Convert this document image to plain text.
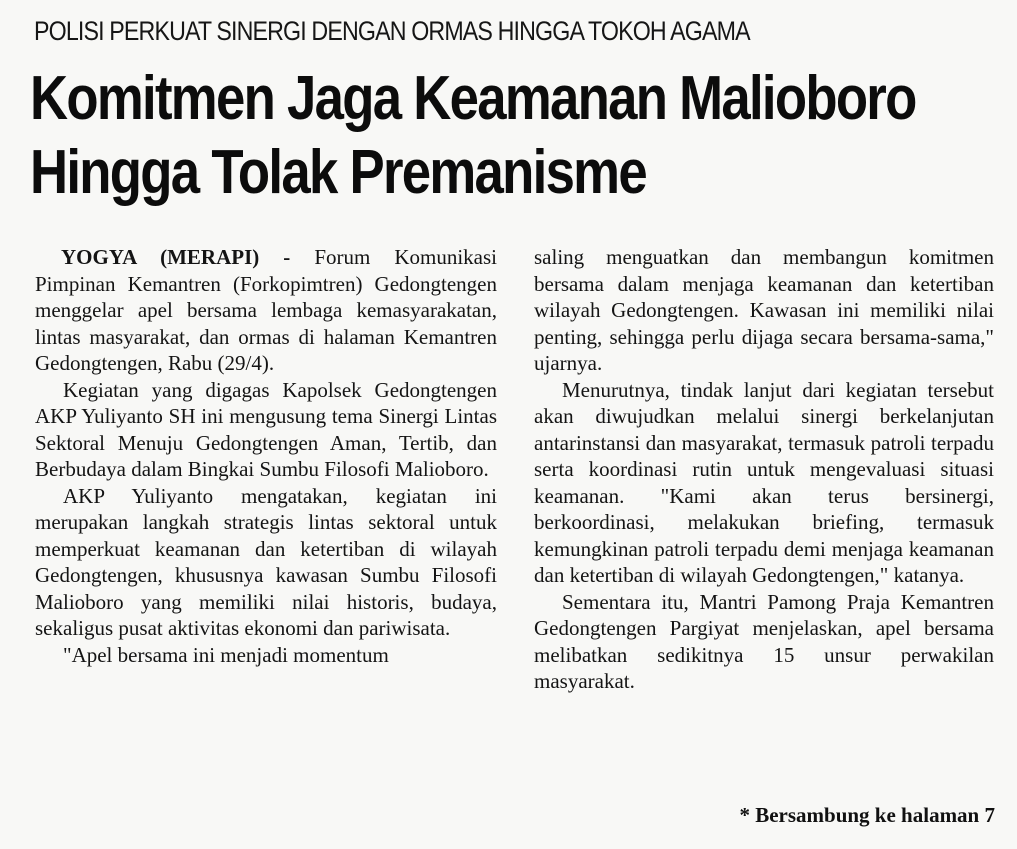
POLISI PERKUAT SINERGI DENGAN ORMAS HINGGA TOKOH AGAMA
Komitmen Jaga Keamanan Malioboro
Hingga Tolak Premanisme

YOGYA (MERAPI) - Forum Komunikasi Pimpinan Kemantren (Forkopimtren) Gedongtengen menggelar apel bersama lembaga kemasyarakatan, lintas masyarakat, dan ormas di halaman Kemantren Gedongtengen, Rabu (29/4).

Kegiatan yang digagas Kapolsek Gedongtengen AKP Yuliyanto SH ini mengusung tema Sinergi Lintas Sektoral Menuju Gedongtengen Aman, Tertib, dan Berbudaya dalam Bingkai Sumbu Filosofi Malioboro.

AKP Yuliyanto mengatakan, kegiatan ini merupakan langkah strategis lintas sektoral untuk memperkuat keamanan dan ketertiban di wilayah Gedongtengen, khususnya kawasan Sumbu Filosofi Malioboro yang memiliki nilai historis, budaya, sekaligus pusat aktivitas ekonomi dan pariwisata.

"Apel bersama ini menjadi momentum

saling menguatkan dan membangun komitmen bersama dalam menjaga keamanan dan ketertiban wilayah Gedongtengen. Kawasan ini memiliki nilai penting, sehingga perlu dijaga secara bersama-sama," ujarnya.

Menurutnya, tindak lanjut dari kegiatan tersebut akan diwujudkan melalui sinergi berkelanjutan antarinstansi dan masyarakat, termasuk patroli terpadu serta koordinasi rutin untuk mengevaluasi situasi keamanan. "Kami akan terus bersinergi, berkoordinasi, melakukan briefing, termasuk kemungkinan patroli terpadu demi menjaga keamanan dan ketertiban di wilayah Gedongtengen," katanya.

Sementara itu, Mantri Pamong Praja Kemantren Gedongtengen Pargiyat menjelaskan, apel bersama melibatkan sedikitnya 15 unsur perwakilan masyarakat.

* Bersambung ke halaman 7
